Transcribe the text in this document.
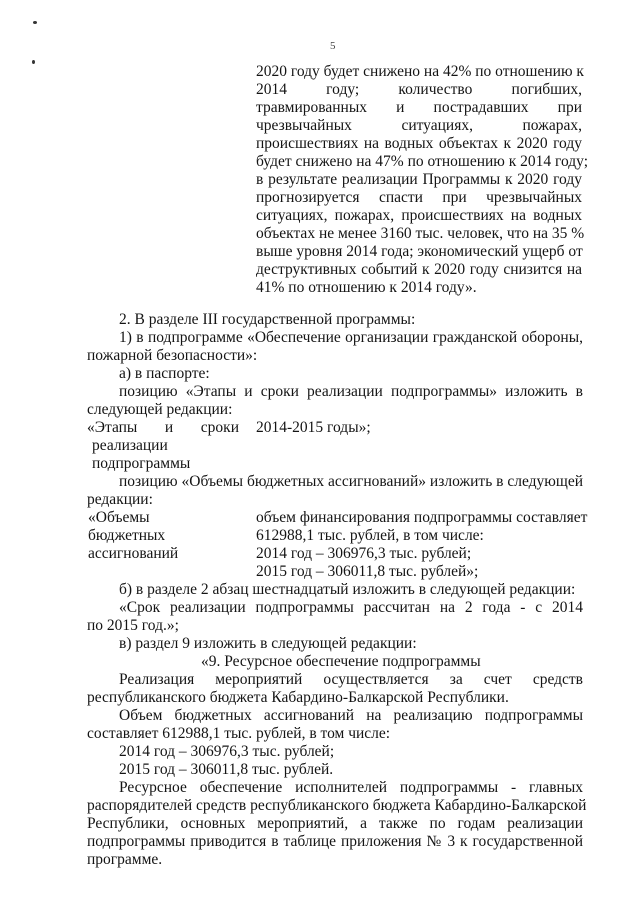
5
2020 году будет снижено на 42% по отношению к
2014 году; количество погибших,
травмированных и пострадавших при
чрезвычайных ситуациях, пожарах,
происшествиях на водных объектах к 2020 году
будет снижено на 47% по отношению к 2014 году;
в результате реализации Программы к 2020 году
прогнозируется спасти при чрезвычайных
ситуациях, пожарах, происшествиях на водных
объектах не менее 3160 тыс. человек, что на 35 %
выше уровня 2014 года; экономический ущерб от
деструктивных событий к 2020 году снизится на
41% по отношению к 2014 году».
2. В разделе III государственной программы:
1) в подпрограмме «Обеспечение организации гражданской обороны,
пожарной безопасности»:
а) в паспорте:
позицию «Этапы и сроки реализации подпрограммы» изложить в
следующей редакции:
«Этапы и сроки
реализации
подпрограммы
2014-2015 годы»;
позицию «Объемы бюджетных ассигнований» изложить в следующей
редакции:
«Объемы
бюджетных
ассигнований
объем финансирования подпрограммы составляет
612988,1 тыс. рублей, в том числе:
2014 год – 306976,3 тыс. рублей;
2015 год – 306011,8 тыс. рублей»;
б) в разделе 2 абзац шестнадцатый изложить в следующей редакции:
«Срок реализации подпрограммы рассчитан на 2 года - с 2014
по 2015 год.»;
в) раздел 9 изложить в следующей редакции:
«9. Ресурсное обеспечение подпрограммы
Реализация мероприятий осуществляется за счет средств
республиканского бюджета Кабардино-Балкарской Республики.
Объем бюджетных ассигнований на реализацию подпрограммы
составляет 612988,1 тыс. рублей, в том числе:
2014 год – 306976,3 тыс. рублей;
2015 год – 306011,8 тыс. рублей.
Ресурсное обеспечение исполнителей подпрограммы - главных
распорядителей средств республиканского бюджета Кабардино-Балкарской
Республики, основных мероприятий, а также по годам реализации
подпрограммы приводится в таблице приложения № 3 к государственной
программе.
